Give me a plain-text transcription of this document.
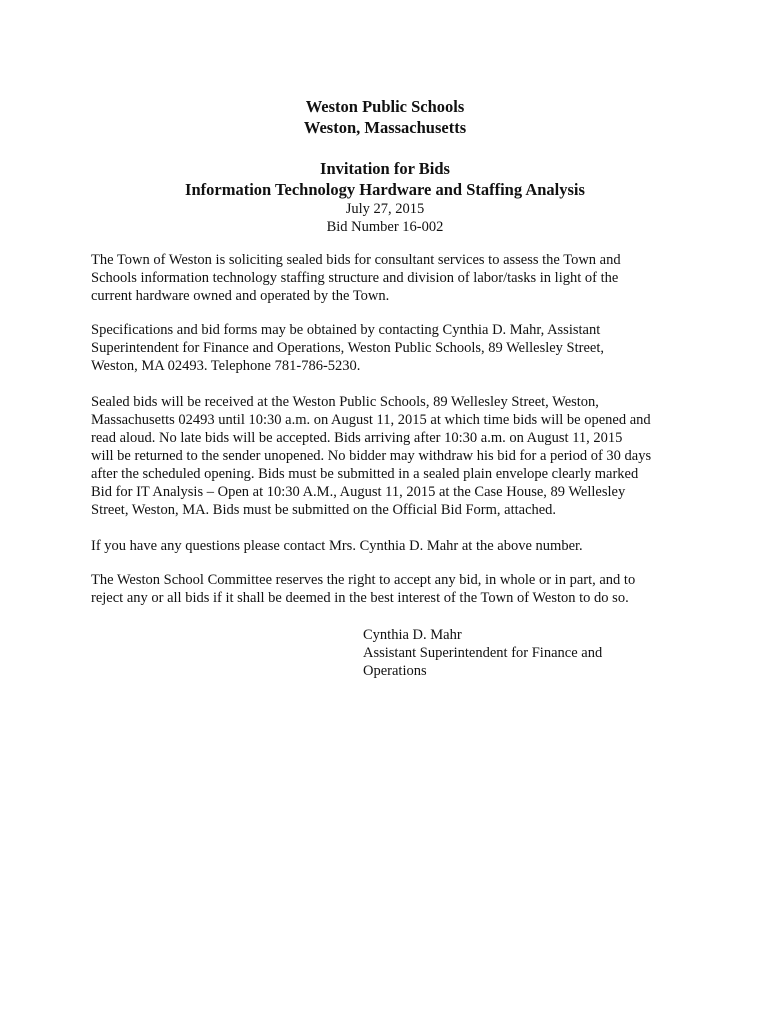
Weston Public Schools
Weston, Massachusetts
Invitation for Bids
Information Technology Hardware and Staffing Analysis
July 27, 2015
Bid Number 16-002

The Town of Weston is soliciting sealed bids for consultant services to assess the Town and
Schools information technology staffing structure and division of labor/tasks in light of the
current hardware owned and operated by the Town.

Specifications and bid forms may be obtained by contacting Cynthia D. Mahr, Assistant
Superintendent for Finance and Operations, Weston Public Schools, 89 Wellesley Street,
Weston, MA 02493. Telephone 781-786-5230.

Sealed bids will be received at the Weston Public Schools, 89 Wellesley Street, Weston,
Massachusetts 02493 until 10:30 a.m. on August 11, 2015 at which time bids will be opened and
read aloud. No late bids will be accepted. Bids arriving after 10:30 a.m. on August 11, 2015
will be returned to the sender unopened. No bidder may withdraw his bid for a period of 30 days
after the scheduled opening. Bids must be submitted in a sealed plain envelope clearly marked
Bid for IT Analysis – Open at 10:30 A.M., August 11, 2015 at the Case House, 89 Wellesley
Street, Weston, MA. Bids must be submitted on the Official Bid Form, attached.

If you have any questions please contact Mrs. Cynthia D. Mahr at the above number.

The Weston School Committee reserves the right to accept any bid, in whole or in part, and to
reject any or all bids if it shall be deemed in the best interest of the Town of Weston to do so.

Cynthia D. Mahr
Assistant Superintendent for Finance and
Operations
